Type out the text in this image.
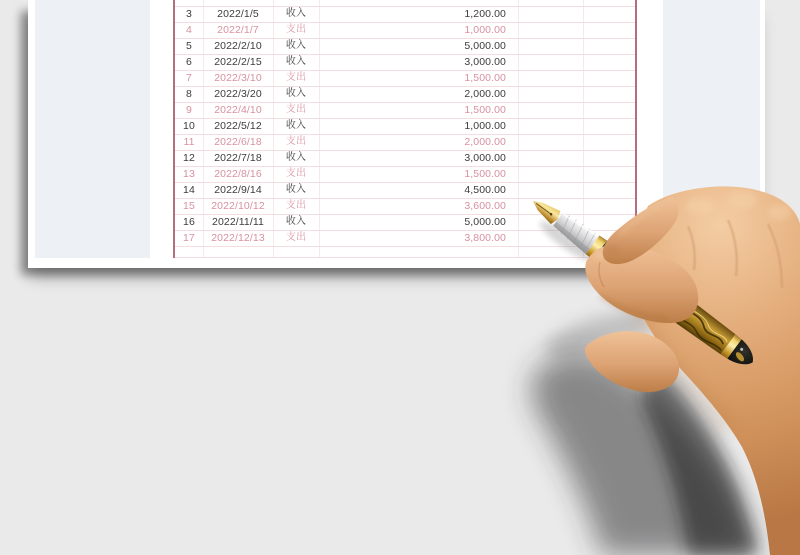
3	2022/1/5	收入	1,200.00
4	2022/1/7	支出	1,000.00
5	2022/2/10	收入	5,000.00
6	2022/2/15	收入	3,000.00
7	2022/3/10	支出	1,500.00
8	2022/3/20	收入	2,000.00
9	2022/4/10	支出	1,500.00
10	2022/5/12	收入	1,000.00
11	2022/6/18	支出	2,000.00
12	2022/7/18	收入	3,000.00
13	2022/8/16	支出	1,500.00
14	2022/9/14	收入	4,500.00
15	2022/10/12	支出	3,600.00
16	2022/11/11	收入	5,000.00
17	2022/12/13	支出	3,800.00
